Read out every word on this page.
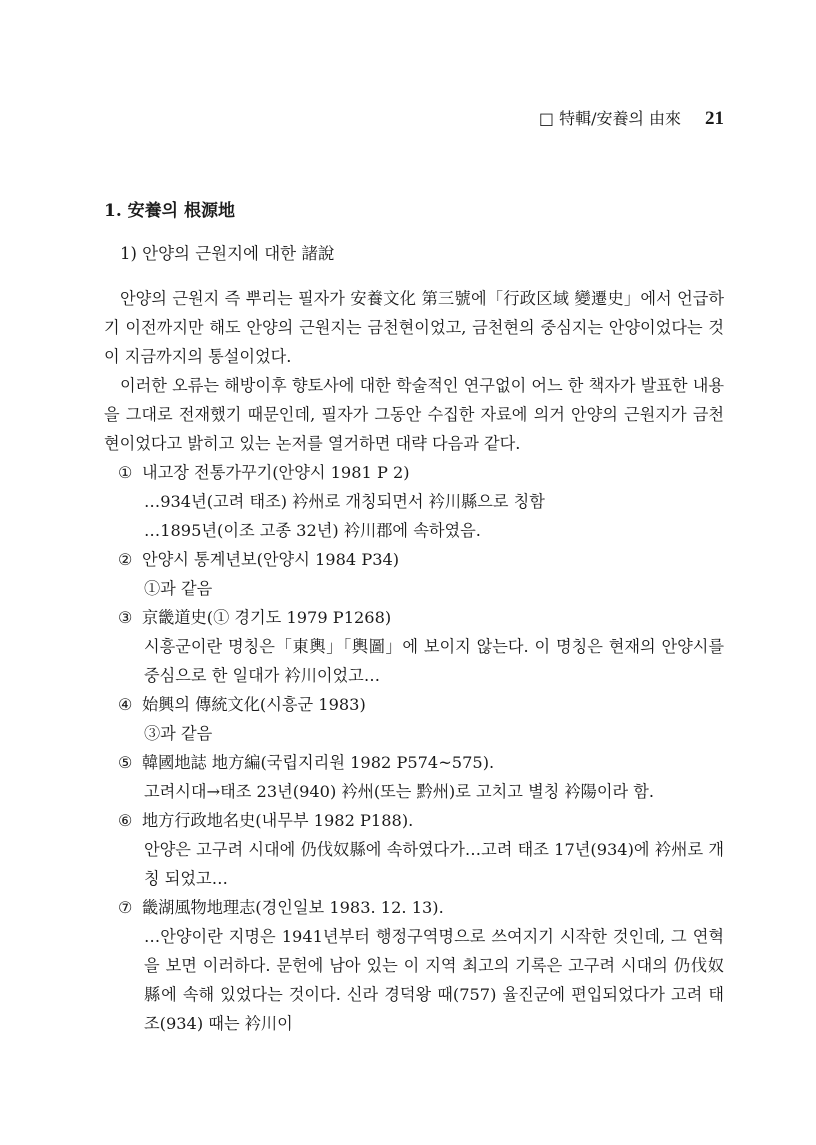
□ 特輯/安養의 由來 21
1. 安養의 根源地
1) 안양의 근원지에 대한 諸說

안양의 근원지 즉 뿌리는 필자가 安養文化 第三號에「行政区域 變遷史」에서 언급하기 이전까지만 해도 안양의 근원지는 금천현이었고, 금천현의 중심지는 안양이었다는 것이 지금까지의 통설이었다.

이러한 오류는 해방이후 향토사에 대한 학술적인 연구없이 어느 한 책자가 발표한 내용을 그대로 전재했기 때문인데, 필자가 그동안 수집한 자료에 의거 안양의 근원지가 금천현이었다고 밝히고 있는 논저를 열거하면 대략 다음과 같다.

① 내고장 전통가꾸기(안양시 1981 P 2)
…934년(고려 태조) 衿州로 개칭되면서 衿川縣으로 칭함
…1895년(이조 고종 32년) 衿川郡에 속하였음.
② 안양시 통계년보(안양시 1984 P34)
①과 같음
③ 京畿道史(① 경기도 1979 P1268)
시흥군이란 명칭은「東輿」「輿圖」에 보이지 않는다. 이 명칭은 현재의 안양시를 중심으로 한 일대가 衿川이었고…
④ 始興의 傳統文化(시흥군 1983)
③과 같음
⑤ 韓國地誌 地方編(국립지리원 1982 P574~575).
고려시대→태조 23년(940) 衿州(또는 黔州)로 고치고 별칭 衿陽이라 함.
⑥ 地方行政地名史(내무부 1982 P188).
안양은 고구려 시대에 仍伐奴縣에 속하였다가…고려 태조 17년(934)에 衿州로 개칭 되었고…
⑦ 畿湖風物地理志(경인일보 1983. 12. 13).
…안양이란 지명은 1941년부터 행정구역명으로 쓰여지기 시작한 것인데, 그 연혁을 보면 이러하다. 문헌에 남아 있는 이 지역 최고의 기록은 고구려 시대의 仍伐奴縣에 속해 있었다는 것이다. 신라 경덕왕 때(757) 율진군에 편입되었다가 고려 태조(934) 때는 衿川이
